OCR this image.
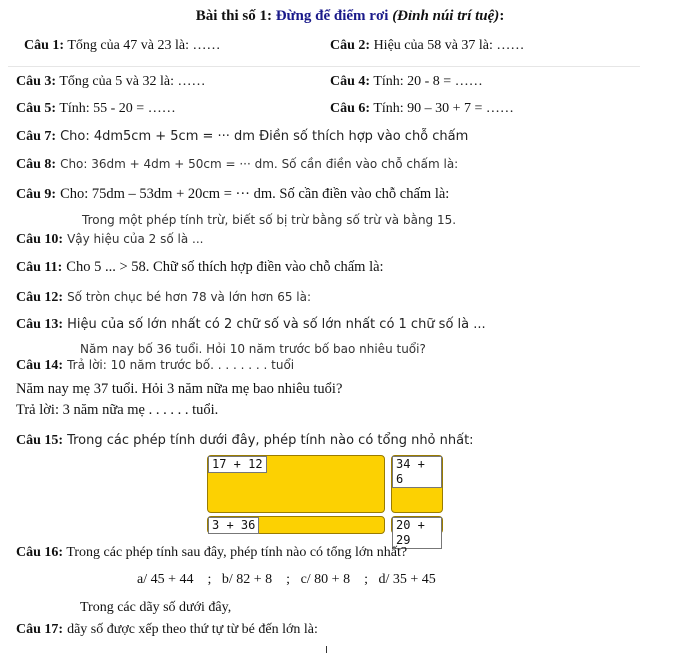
Bài thi số 1: Đừng để điểm rơi (Đỉnh núi trí tuệ):
Câu 1: Tổng của 47 và 23 là: ……	Câu 2: Hiệu của 58 và 37 là: ……
Câu 3: Tổng của 5 và 32 là: ……	Câu 4: Tính: 20 - 8 = ……
Câu 5: Tính: 55 - 20 = ……	Câu 6: Tính: 90 – 30 + 7 = ……
Câu 7: Cho: 4dm5cm + 5cm = ··· dm Điền số thích hợp vào chỗ chấm
Câu 8: Cho: 36dm + 4dm + 50cm = ··· dm. Số cần điền vào chỗ chấm là:
Câu 9: Cho: 75dm – 53dm + 20cm = ··· dm. Số cần điền vào chỗ chấm là:
Trong một phép tính trừ, biết số bị trừ bằng số trừ và bằng 15.
Câu 10: Vậy hiệu của 2 số là ...
Câu 11: Cho 5 ... > 58. Chữ số thích hợp điền vào chỗ chấm là:
Câu 12: Số tròn chục bé hơn 78 và lớn hơn 65 là:
Câu 13: Hiệu của số lớn nhất có 2 chữ số và số lớn nhất có 1 chữ số là ...
Năm nay bố 36 tuổi. Hỏi 10 năm trước bố bao nhiêu tuổi?
Câu 14: Trả lời: 10 năm trước bố. . . . . . . . tuổi
Năm nay mẹ 37 tuổi. Hỏi 3 năm nữa mẹ bao nhiêu tuổi?
Trả lời: 3 năm nữa mẹ . . . . . . tuổi.
Câu 15: Trong các phép tính dưới đây, phép tính nào có tổng nhỏ nhất:
17 + 12	34 + 6
3 + 36	20 + 29
Câu 16: Trong các phép tính sau đây, phép tính nào có tổng lớn nhất?
a/ 45 + 44    ;   b/ 82 + 8    ;   c/ 80 + 8    ;   d/ 35 + 45
Trong các dãy số dưới đây,
Câu 17: dãy số được xếp theo thứ tự từ bé đến lớn là:
